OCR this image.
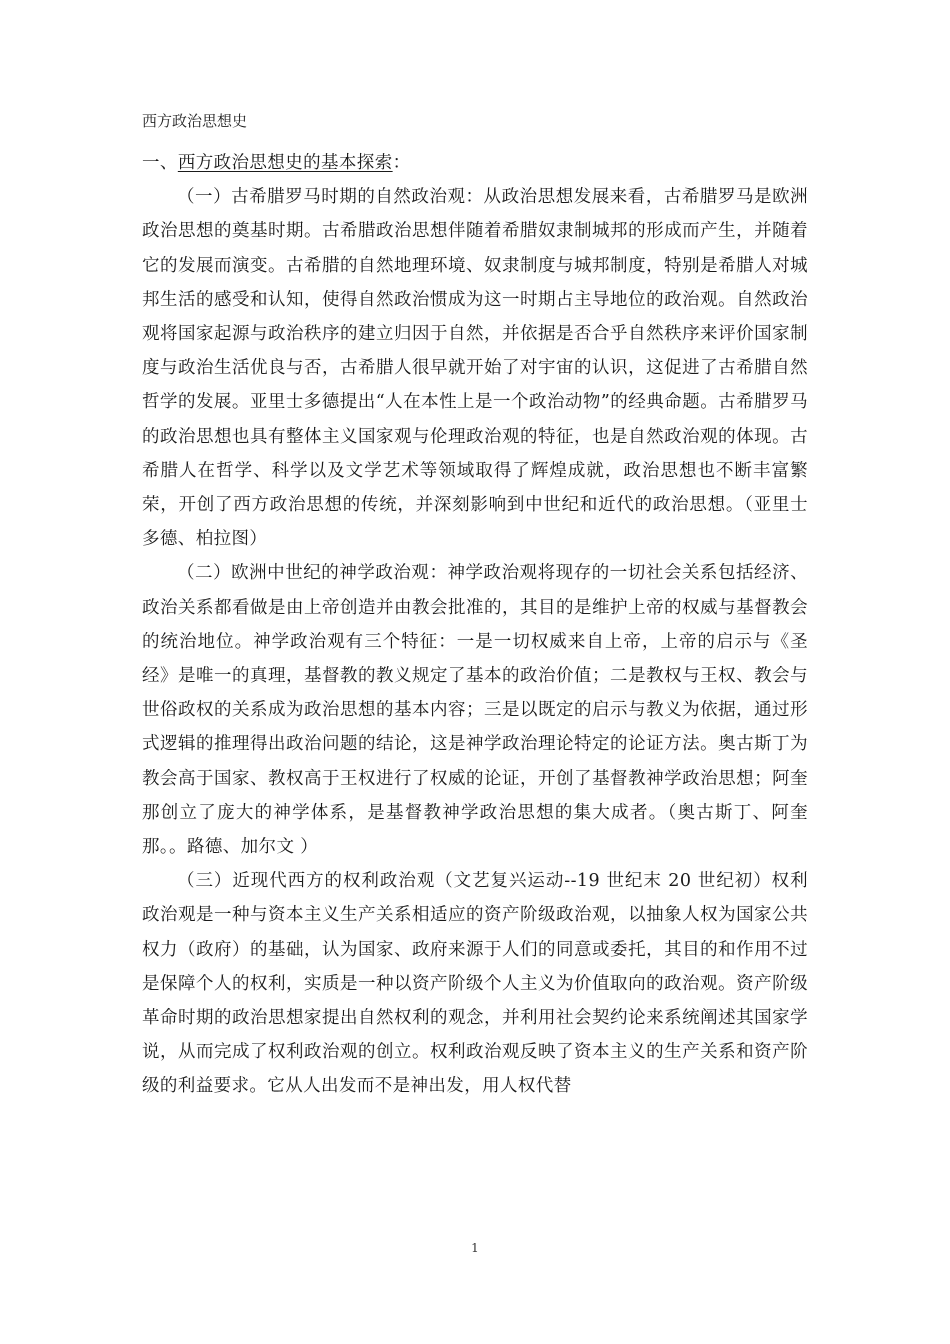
西方政治思想史

一、西方政治思想史的基本探索：

（一）古希腊罗马时期的自然政治观：从政治思想发展来看，古希腊罗马是欧洲政治思想的奠基时期。古希腊政治思想伴随着希腊奴隶制城邦的形成而产生，并随着它的发展而演变。古希腊的自然地理环境、奴隶制度与城邦制度，特别是希腊人对城邦生活的感受和认知，使得自然政治惯成为这一时期占主导地位的政治观。自然政治观将国家起源与政治秩序的建立归因于自然，并依据是否合乎自然秩序来评价国家制度与政治生活优良与否，古希腊人很早就开始了对宇宙的认识，这促进了古希腊自然哲学的发展。亚里士多德提出“人在本性上是一个政治动物”的经典命题。古希腊罗马的政治思想也具有整体主义国家观与伦理政治观的特征，也是自然政治观的体现。古希腊人在哲学、科学以及文学艺术等领域取得了辉煌成就，政治思想也不断丰富繁荣，开创了西方政治思想的传统，并深刻影响到中世纪和近代的政治思想。（亚里士多德、柏拉图）

（二）欧洲中世纪的神学政治观：神学政治观将现存的一切社会关系包括经济、政治关系都看做是由上帝创造并由教会批准的，其目的是维护上帝的权威与基督教会的统治地位。神学政治观有三个特征：一是一切权威来自上帝，上帝的启示与《圣经》是唯一的真理，基督教的教义规定了基本的政治价值；二是教权与王权、教会与世俗政权的关系成为政治思想的基本内容；三是以既定的启示与教义为依据，通过形式逻辑的推理得出政治问题的结论，这是神学政治理论特定的论证方法。奥古斯丁为教会高于国家、教权高于王权进行了权威的论证，开创了基督教神学政治思想；阿奎那创立了庞大的神学体系，是基督教神学政治思想的集大成者。（奥古斯丁、阿奎那。。路德、加尔文 ）

（三）近现代西方的权利政治观（文艺复兴运动--19 世纪末 20 世纪初）权利政治观是一种与资本主义生产关系相适应的资产阶级政治观，以抽象人权为国家公共权力（政府）的基础，认为国家、政府来源于人们的同意或委托，其目的和作用不过是保障个人的权利，实质是一种以资产阶级个人主义为价值取向的政治观。资产阶级革命时期的政治思想家提出自然权利的观念，并利用社会契约论来系统阐述其国家学说，从而完成了权利政治观的创立。权利政治观反映了资本主义的生产关系和资产阶级的利益要求。它从人出发而不是神出发，用人权代替

1
